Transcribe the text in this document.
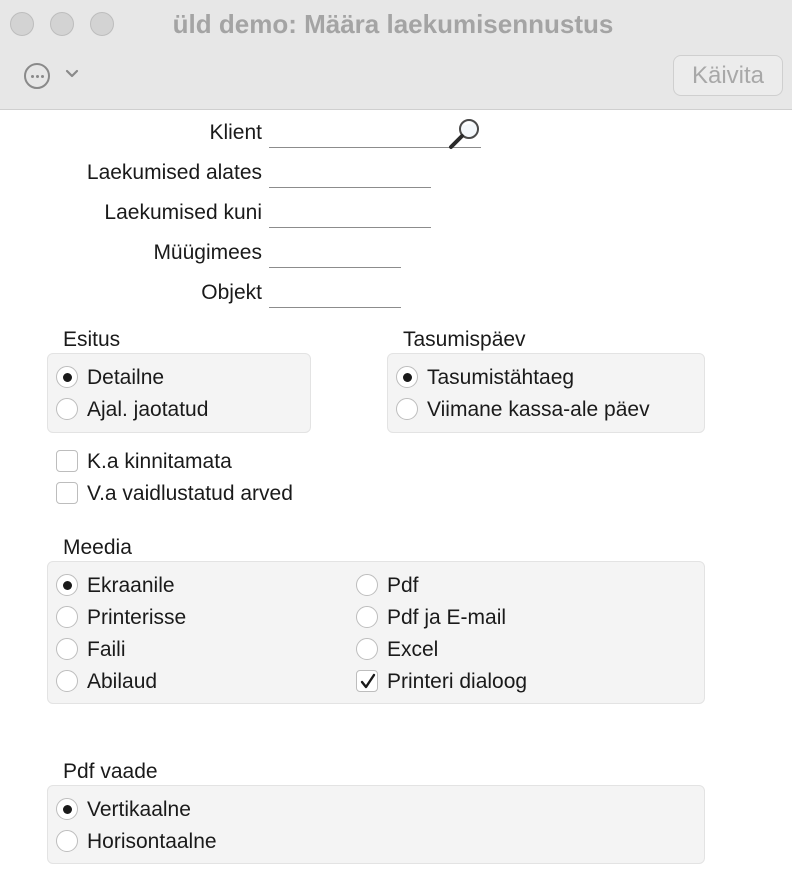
üld demo: Määra laekumisennustus
Käivita
Klient
Laekumised alates
Laekumised kuni
Müügimees
Objekt
Esitus
Detailne
Ajal. jaotatud
Tasumispäev
Tasumistähtaeg
Viimane kassa-ale päev
K.a kinnitamata
V.a vaidlustatud arved
Meedia
Ekraanile
Printerisse
Faili
Abilaud
Pdf
Pdf ja E-mail
Excel
Printeri dialoog
Pdf vaade
Vertikaalne
Horisontaalne
